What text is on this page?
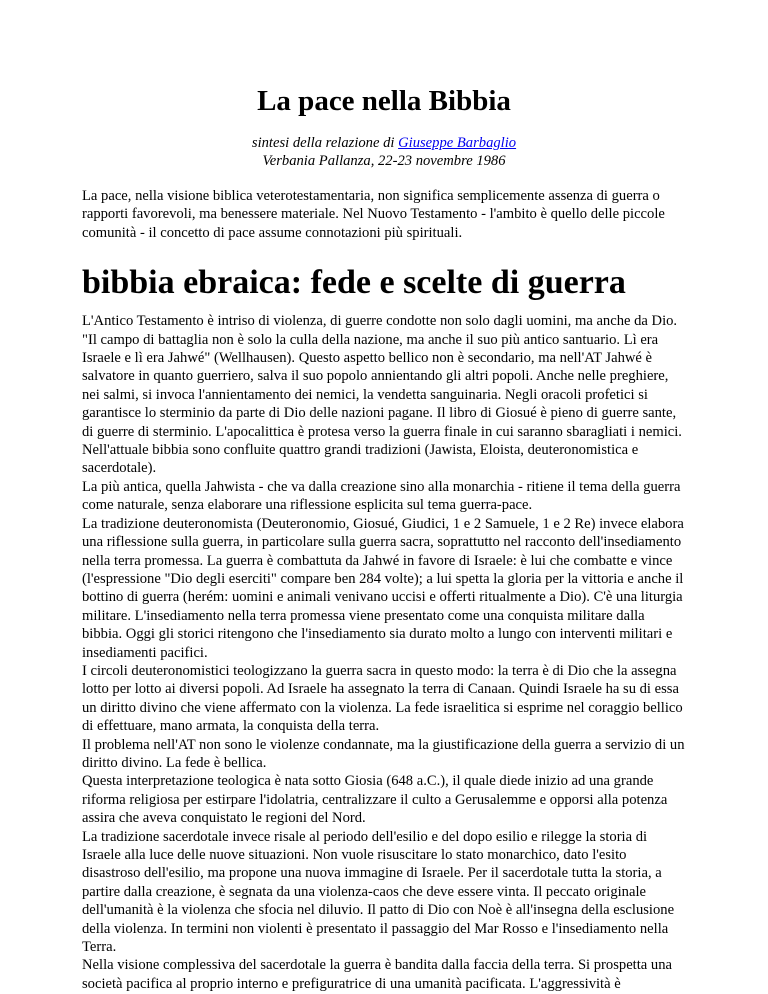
La pace nella Bibbia
sintesi della relazione di Giuseppe Barbaglio
Verbania Pallanza, 22-23 novembre 1986

La pace, nella visione biblica veterotestamentaria, non significa semplicemente assenza di guerra o rapporti favorevoli, ma benessere materiale. Nel Nuovo Testamento - l'ambito è quello delle piccole comunità - il concetto di pace assume connotazioni più spirituali.

bibbia ebraica: fede e scelte di guerra

L'Antico Testamento è intriso di violenza, di guerre condotte non solo dagli uomini, ma anche da Dio. "Il campo di battaglia non è solo la culla della nazione, ma anche il suo più antico santuario. Lì era Israele e lì era Jahwé" (Wellhausen). Questo aspetto bellico non è secondario, ma nell'AT Jahwé è salvatore in quanto guerriero, salva il suo popolo annientando gli altri popoli. Anche nelle preghiere, nei salmi, si invoca l'annientamento dei nemici, la vendetta sanguinaria. Negli oracoli profetici si garantisce lo sterminio da parte di Dio delle nazioni pagane. Il libro di Giosué è pieno di guerre sante, di guerre di sterminio. L'apocalittica è protesa verso la guerra finale in cui saranno sbaragliati i nemici.

Nell'attuale bibbia sono confluite quattro grandi tradizioni (Jawista, Eloista, deuteronomistica e sacerdotale).

La più antica, quella Jahwista - che va dalla creazione sino alla monarchia - ritiene il tema della guerra come naturale, senza elaborare una riflessione esplicita sul tema guerra-pace.

La tradizione deuteronomista (Deuteronomio, Giosué, Giudici, 1 e 2 Samuele, 1 e 2 Re) invece elabora una riflessione sulla guerra, in particolare sulla guerra sacra, soprattutto nel racconto dell'insediamento nella terra promessa. La guerra è combattuta da Jahwé in favore di Israele: è lui che combatte e vince (l'espressione "Dio degli eserciti" compare ben 284 volte); a lui spetta la gloria per la vittoria e anche il bottino di guerra (herém: uomini e animali venivano uccisi e offerti ritualmente a Dio). C'è una liturgia militare. L'insediamento nella terra promessa viene presentato come una conquista militare dalla bibbia. Oggi gli storici ritengono che l'insediamento sia durato molto a lungo con interventi militari e insediamenti pacifici.

I circoli deuteronomistici teologizzano la guerra sacra in questo modo: la terra è di Dio che la assegna lotto per lotto ai diversi popoli. Ad Israele ha assegnato la terra di Canaan. Quindi Israele ha su di essa un diritto divino che viene affermato con la violenza. La fede israelitica si esprime nel coraggio bellico di effettuare, mano armata, la conquista della terra.

Il problema nell'AT non sono le violenze condannate, ma la giustificazione della guerra a servizio di un diritto divino. La fede è bellica.

Questa interpretazione teologica è nata sotto Giosia (648 a.C.), il quale diede inizio ad una grande riforma religiosa per estirpare l'idolatria, centralizzare il culto a Gerusalemme e opporsi alla potenza assira che aveva conquistato le regioni del Nord.

La tradizione sacerdotale invece risale al periodo dell'esilio e del dopo esilio e rilegge la storia di Israele alla luce delle nuove situazioni. Non vuole risuscitare lo stato monarchico, dato l'esito disastroso dell'esilio, ma propone una nuova immagine di Israele. Per il sacerdotale tutta la storia, a partire dalla creazione, è segnata da una violenza-caos che deve essere vinta. Il peccato originale dell'umanità è la violenza che sfocia nel diluvio. Il patto di Dio con Noè è all'insegna della esclusione della violenza. In termini non violenti è presentato il passaggio del Mar Rosso e l'insediamento nella Terra.

Nella visione complessiva del sacerdotale la guerra è bandita dalla faccia della terra. Si prospetta una società pacifica al proprio interno e prefiguratrice di una umanità pacificata. L'aggressività è
